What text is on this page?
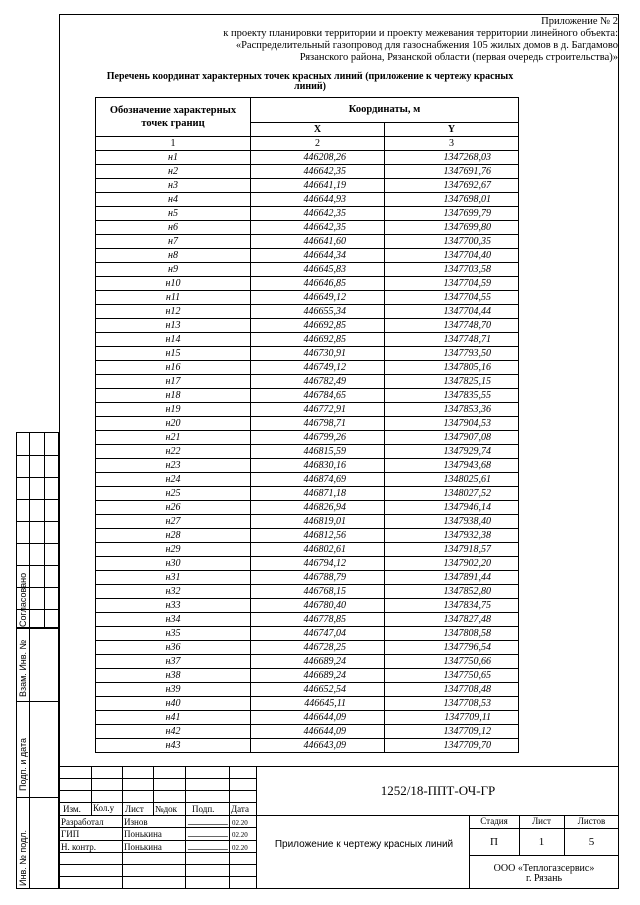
Приложение № 2
к проекту планировки территории и проекту межевания территории линейного объекта:
«Распределительный газопровод для газоснабжения 105 жилых домов в д. Багдамово
Рязанского района, Рязанской области (первая очередь строительства)»
Перечень координат характерных точек красных линий (приложение к чертежу красных
линий)
Обозначение характерных точек границ	Координаты, м	
	X	Y
1	2	3
н1	446208,26	1347268,03
н2	446642,35	1347691,76
н3	446641,19	1347692,67
н4	446644,93	1347698,01
н5	446642,35	1347699,79
н6	446642,35	1347699,80
н7	446641,60	1347700,35
н8	446644,34	1347704,40
н9	446645,83	1347703,58
н10	446646,85	1347704,59
н11	446649,12	1347704,55
н12	446655,34	1347704,44
н13	446692,85	1347748,70
н14	446692,85	1347748,71
н15	446730,91	1347793,50
н16	446749,12	1347805,16
н17	446782,49	1347825,15
н18	446784,65	1347835,55
н19	446772,91	1347853,36
н20	446798,71	1347904,53
н21	446799,26	1347907,08
н22	446815,59	1347929,74
н23	446830,16	1347943,68
н24	446874,69	1348025,61
н25	446871,18	1348027,52
н26	446826,94	1347946,14
н27	446819,01	1347938,40
н28	446812,56	1347932,38
н29	446802,61	1347918,57
н30	446794,12	1347902,20
н31	446788,79	1347891,44
н32	446768,15	1347852,80
н33	446780,40	1347834,75
н34	446778,85	1347827,48
н35	446747,04	1347808,58
н36	446728,25	1347796,54
н37	446689,24	1347750,66
н38	446689,24	1347750,65
н39	446652,54	1347708,48
н40	446645,11	1347708,53
н41	446644,09	1347709,11
н42	446644,09	1347709,12
н43	446643,09	1347709,70
Согласовано
Взам. Инв. №
Подп. и дата
Инв. № подл.
1252/18-ППТ-ОЧ-ГР
Изм. Кол.у Лист №док Подп. Дата
Разработал Изнов	02.20
ГИП	Понькина	02.20
Н. контр.	Понькина	02.20	Приложение к чертежу красных линий
Стадия	Лист	Листов
П	1	5
ООО «Теплогазсервис»
г. Рязань
